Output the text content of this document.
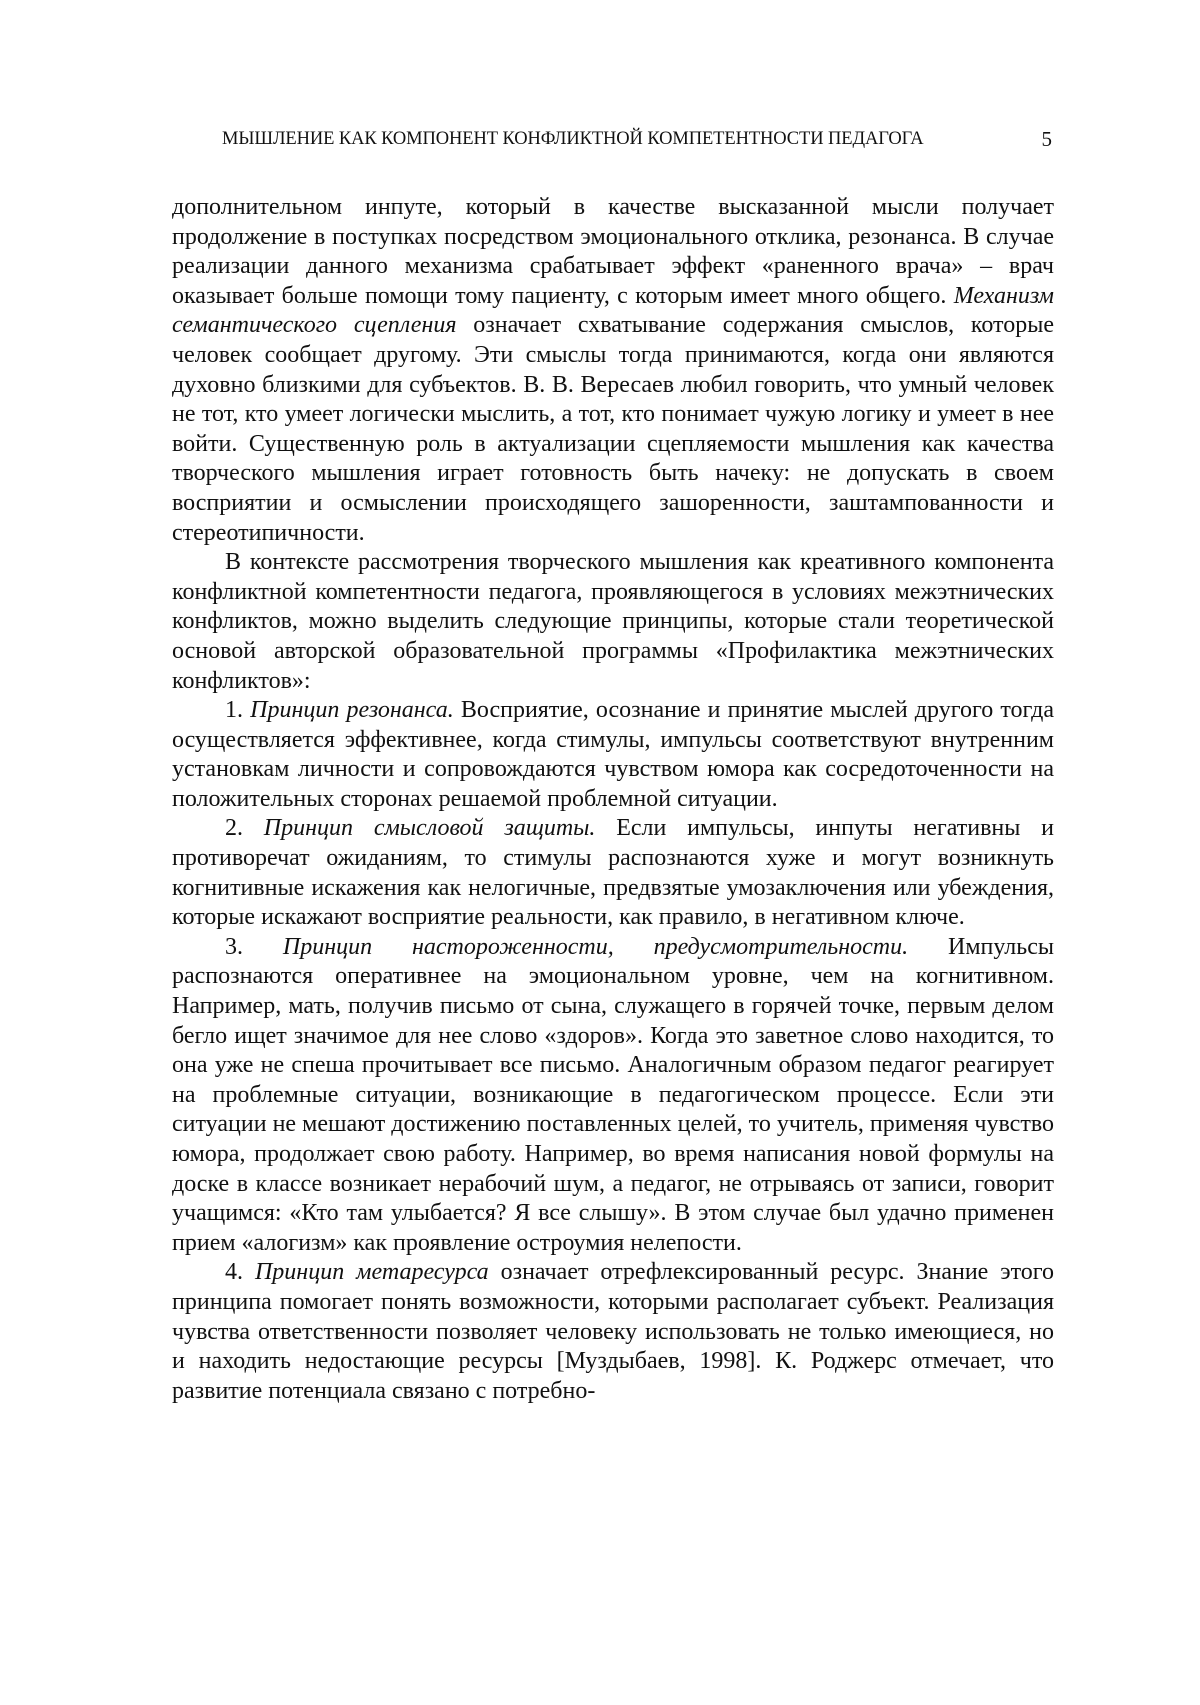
МЫШЛЕНИЕ КАК КОМПОНЕНТ КОНФЛИКТНОЙ КОМПЕТЕНТНОСТИ ПЕДАГОГА	5

дополнительном инпуте, который в качестве высказанной мысли получает продолжение в поступках посредством эмоционального отклика, резонанса. В случае реализации данного механизма срабатывает эффект «раненного врача» – врач оказывает больше помощи тому пациенту, с которым имеет много общего. Механизм семантического сцепления означает схватывание содержания смыслов, которые человек сообщает другому. Эти смыслы тогда принимаются, когда они являются духовно близкими для субъектов. В. В. Вересаев любил говорить, что умный человек не тот, кто умеет логически мыслить, а тот, кто понимает чужую логику и умеет в нее войти. Существенную роль в актуализации сцепляемости мышления как качества творческого мышления играет готовность быть начеку: не допускать в своем восприятии и осмыслении происходящего зашоренности, заштампованности и стереотипичности.

В контексте рассмотрения творческого мышления как креативного компонента конфликтной компетентности педагога, проявляющегося в условиях межэтнических конфликтов, можно выделить следующие принципы, которые стали теоретической основой авторской образовательной программы «Профилактика межэтнических конфликтов»:

1. Принцип резонанса. Восприятие, осознание и принятие мыслей другого тогда осуществляется эффективнее, когда стимулы, импульсы соответствуют внутренним установкам личности и сопровождаются чувством юмора как сосредоточенности на положительных сторонах решаемой проблемной ситуации.

2. Принцип смысловой защиты. Если импульсы, инпуты негативны и противоречат ожиданиям, то стимулы распознаются хуже и могут возникнуть когнитивные искажения как нелогичные, предвзятые умозаключения или убеждения, которые искажают восприятие реальности, как правило, в негативном ключе.

3. Принцип настороженности, предусмотрительности. Импульсы распознаются оперативнее на эмоциональном уровне, чем на когнитивном. Например, мать, получив письмо от сына, служащего в горячей точке, первым делом бегло ищет значимое для нее слово «здоров». Когда это заветное слово находится, то она уже не спеша прочитывает все письмо. Аналогичным образом педагог реагирует на проблемные ситуации, возникающие в педагогическом процессе. Если эти ситуации не мешают достижению поставленных целей, то учитель, применяя чувство юмора, продолжает свою работу. Например, во время написания новой формулы на доске в классе возникает нерабочий шум, а педагог, не отрываясь от записи, говорит учащимся: «Кто там улыбается? Я все слышу». В этом случае был удачно применен прием «алогизм» как проявление остроумия нелепости.

4. Принцип метаресурса означает отрефлексированный ресурс. Знание этого принципа помогает понять возможности, которыми располагает субъект. Реализация чувства ответственности позволяет человеку использовать не только имеющиеся, но и находить недостающие ресурсы [Муздыбаев, 1998]. К. Роджерс отмечает, что развитие потенциала связано с потребно-
